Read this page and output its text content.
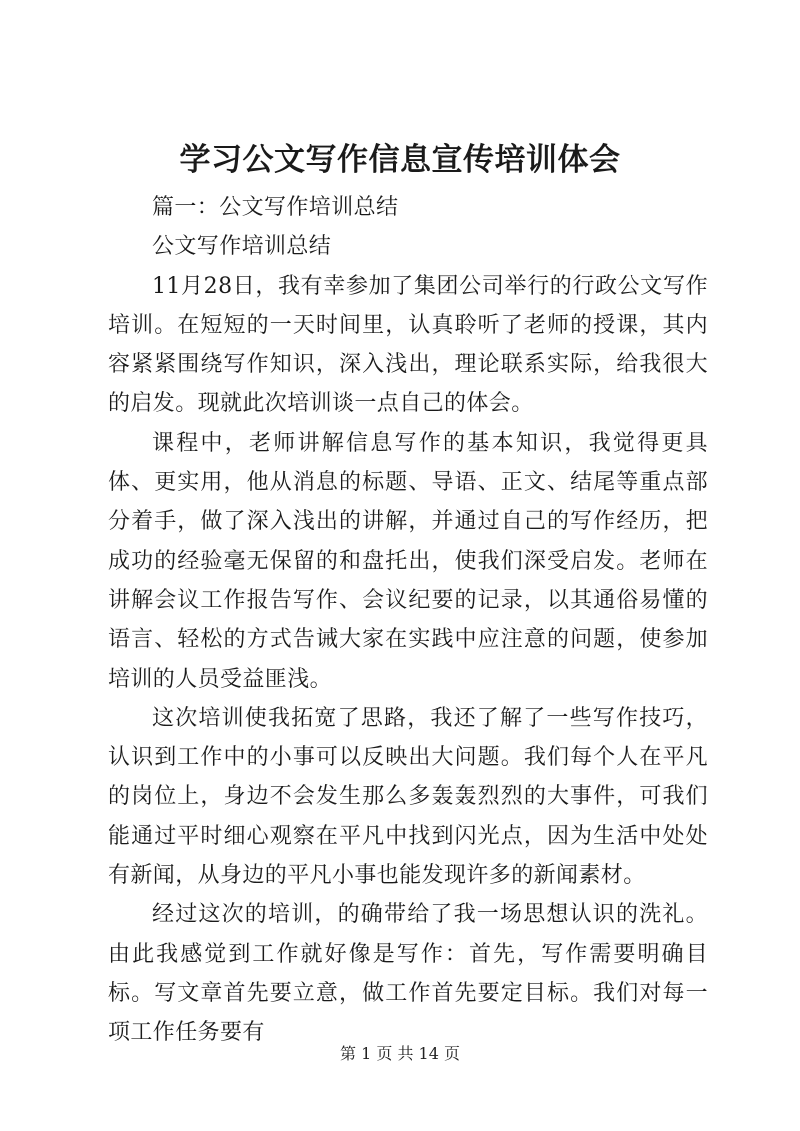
学习公文写作信息宣传培训体会

篇一：公文写作培训总结

公文写作培训总结

11月28日，我有幸参加了集团公司举行的行政公文写作培训。在短短的一天时间里，认真聆听了老师的授课，其内容紧紧围绕写作知识，深入浅出，理论联系实际，给我很大的启发。现就此次培训谈一点自己的体会。

课程中，老师讲解信息写作的基本知识，我觉得更具体、更实用，他从消息的标题、导语、正文、结尾等重点部分着手，做了深入浅出的讲解，并通过自己的写作经历，把成功的经验毫无保留的和盘托出，使我们深受启发。老师在讲解会议工作报告写作、会议纪要的记录，以其通俗易懂的语言、轻松的方式告诫大家在实践中应注意的问题，使参加培训的人员受益匪浅。

这次培训使我拓宽了思路，我还了解了一些写作技巧，认识到工作中的小事可以反映出大问题。我们每个人在平凡的岗位上，身边不会发生那么多轰轰烈烈的大事件，可我们能通过平时细心观察在平凡中找到闪光点，因为生活中处处有新闻，从身边的平凡小事也能发现许多的新闻素材。

经过这次的培训，的确带给了我一场思想认识的洗礼。由此我感觉到工作就好像是写作：首先，写作需要明确目标。写文章首先要立意，做工作首先要定目标。我们对每一项工作任务要有

第 1 页 共 14 页
